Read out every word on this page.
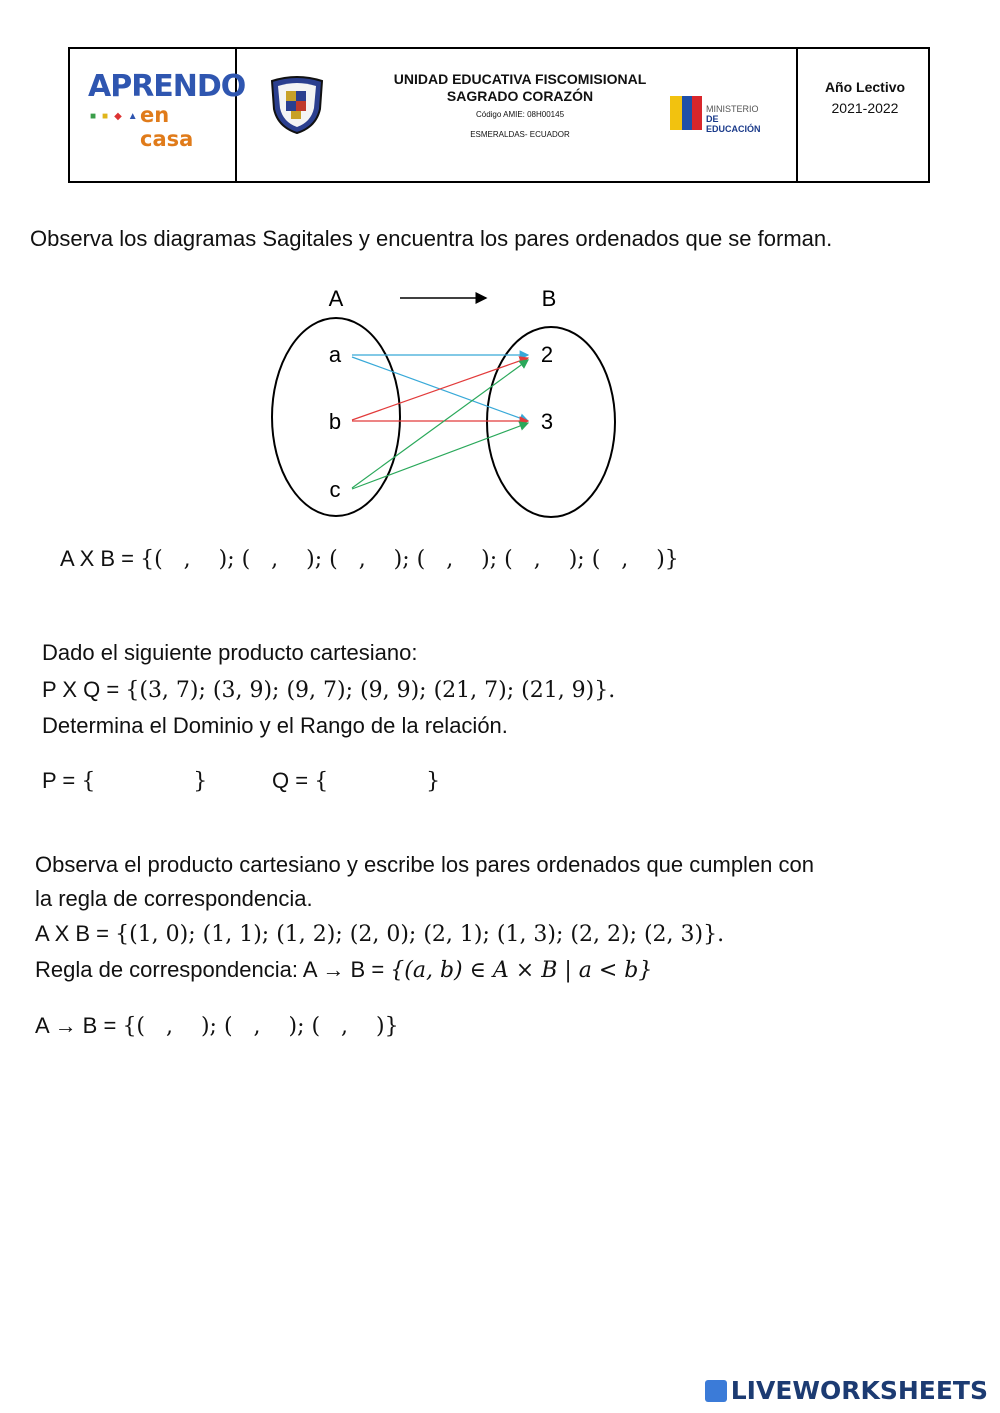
APRENDO
■■◆▲
en casa
UNIDAD EDUCATIVA FISCOMISIONAL
SAGRADO CORAZÓN
Código AMIE: 08H00145
ESMERALDAS- ECUADOR
MINISTERIO
DE EDUCACIÓN
Año Lectivo
2021-2022
Observa los diagramas Sagitales y encuentra los pares ordenados que se forman.
A	B
a
b
c
2
3
A X B = {(   ,    ); (   ,    ); (   ,    ); (   ,    ); (   ,    ); (   ,    )}
Dado el siguiente producto cartesiano:
P X Q = {(3, 7); (3, 9); (9, 7); (9, 9); (21, 7); (21, 9)}.
Determina el Dominio y el Rango de la relación.
P = {              }	Q = {              }
Observa el producto cartesiano y escribe los pares ordenados que cumplen con
la regla de correspondencia.
A X B = {(1, 0); (1, 1); (1, 2); (2, 0); (2, 1); (1, 3); (2, 2); (2, 3)}.
Regla de correspondencia: A → B = {(a, b) ∈ A × B | a < b}
A → B = {(   ,    ); (   ,    ); (   ,    )}
LIVEWORKSHEETS
